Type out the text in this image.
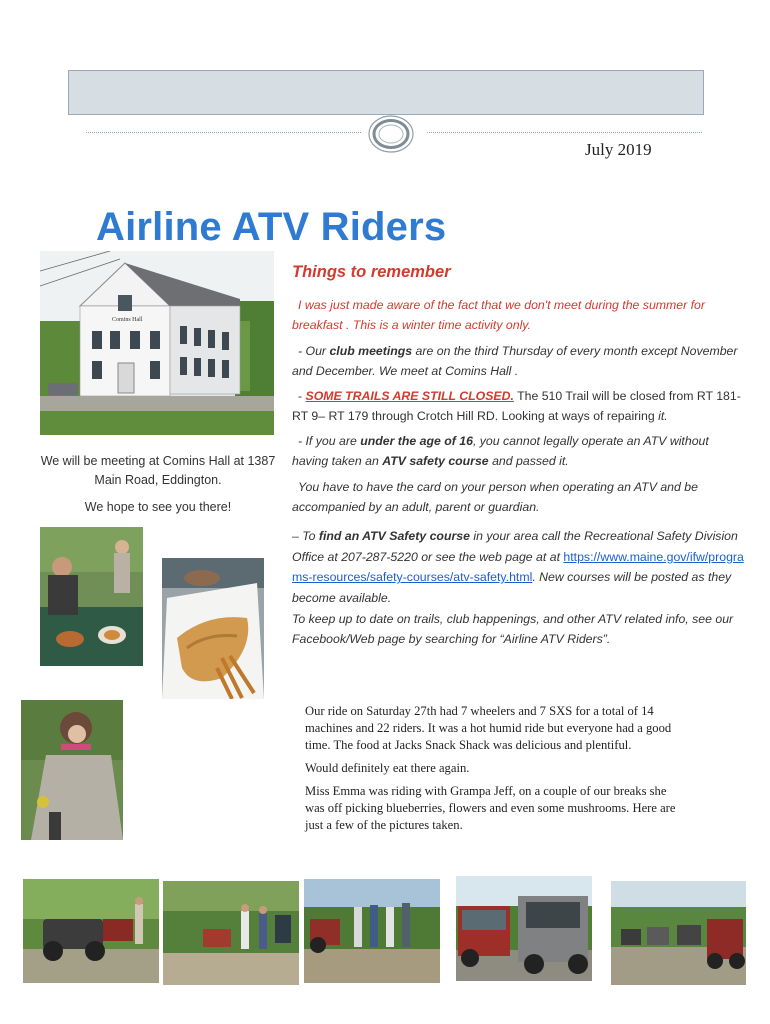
July 2019
Airline ATV Riders
Comins Hall
We will be meeting at Comins Hall at 1387
Main Road, Eddington.
We hope to see you there!
Things to remember
I was just made aware of the fact that we don't meet during the summer for breakfast . This is a winter time activity only.
- Our club meetings are on the third Thursday of every month except November and December. We meet at Comins Hall .
- SOME TRAILS ARE STILL CLOSED. The 510 Trail will be closed from RT 181-RT 9– RT 179 through Crotch Hill RD. Looking at ways of repairing it.
- If you are under the age of 16, you cannot legally operate an ATV without having taken an ATV safety course and passed it.
You have to have the card on your person when operating an ATV and be accompanied by an adult, parent or guardian.
– To find an ATV Safety course in your area call the Recreational Safety Division Office at 207-287-5220 or see the web page at at https://www.maine.gov/ifw/programs-resources/safety-courses/atv-safety.html. New courses will be posted as they become available.
To keep up to date on trails, club happenings, and other ATV related info, see our Facebook/Web page by searching for “Airline ATV Riders”.

Our ride on Saturday 27th had 7 wheelers and 7 SXS for a total of 14 machines and 22 riders. It was a hot humid ride but everyone had a good time. The food at Jacks Snack Shack was delicious and plentiful.

Would definitely eat there again.

Miss Emma was riding with Grampa Jeff, on a couple of our breaks she was off picking blueberries, flowers and even some mushrooms. Here are just a few of the pictures taken.
